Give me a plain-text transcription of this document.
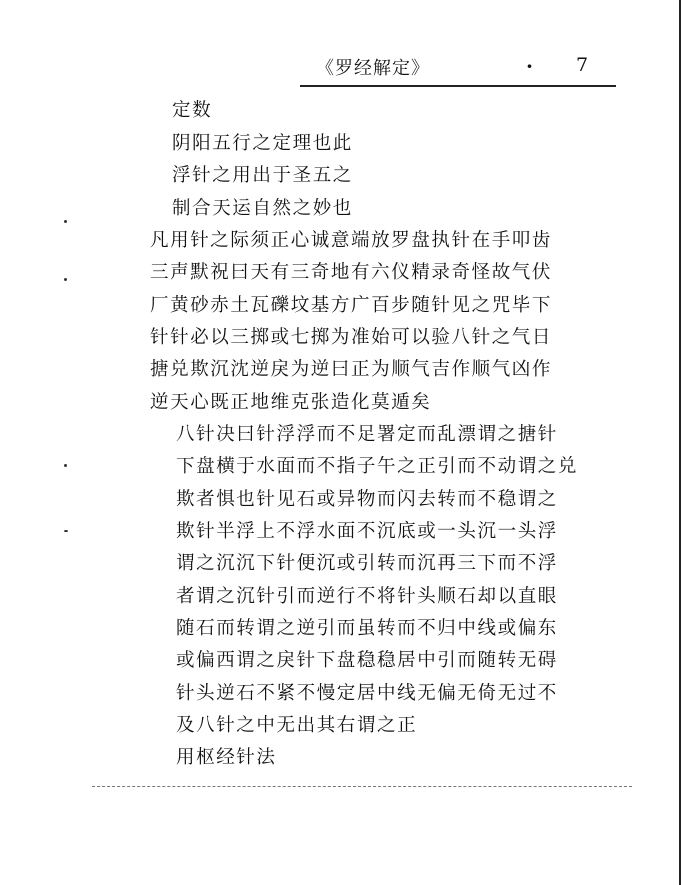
《罗经解定》	· 7
定数
阴阳五行之定理也此
浮针之用出于圣五之
制合天运自然之妙也
凡用针之际须正心诚意端放罗盘执针在手叩齿
三声默祝曰天有三奇地有六仪精录奇怪故气伏
厂黄砂赤土瓦礫坟基方广百步随针见之咒毕下
针针必以三掷或七掷为准始可以验八针之气日
搪兑欺沉沈逆戾为逆曰正为顺气吉作顺气凶作
逆天心既正地维克张造化莫遁矣
八针决曰针浮浮而不足署定而乱漂谓之搪针
下盘横于水面而不指子午之正引而不动谓之兑
欺者惧也针见石或异物而闪去转而不稳谓之
欺针半浮上不浮水面不沉底或一头沉一头浮
谓之沉沉下针便沉或引转而沉再三下而不浮
者谓之沉针引而逆行不将针头顺石却以直眼
随石而转谓之逆引而虽转而不归中线或偏东
或偏西谓之戾针下盘稳稳居中引而随转无碍
针头逆石不紧不慢定居中线无偏无倚无过不
及八针之中无出其右谓之正
用枢经针法
